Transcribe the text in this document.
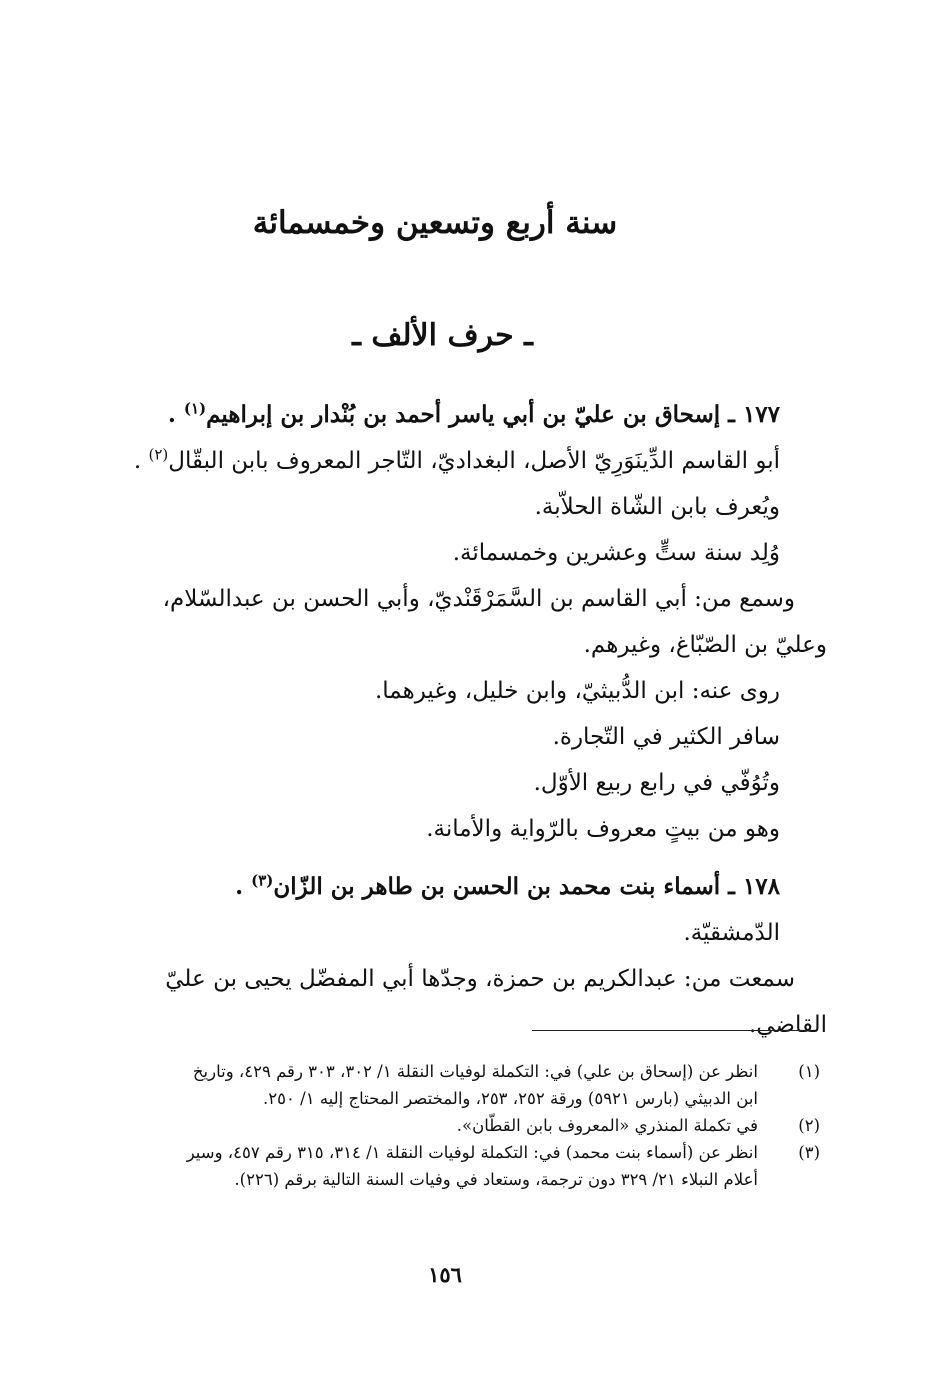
سنة أربع وتسعين وخمسمائة
ـ حرف الألف ـ
١٧٧ ـ إسحاق بن عليّ بن أبي ياسر أحمد بن بُنْدار بن إبراهيم$^{(١)}$ .
أبو القاسم الدِّينَوَرِيّ الأصل، البغداديّ، التّاجر المعروف بابن البقّال$^{(٢)}$ .
ويُعرف بابن الشّاة الحلاّبة.
وُلِد سنة ستٍّ وعشرين وخمسمائة.
وسمع من: أبي القاسم بن السَّمَرْقَنْديّ، وأبي الحسن بن عبدالسّلام،
وعليّ بن الصّبّاغ، وغيرهم.
روى عنه: ابن الدُّبيثيّ، وابن خليل، وغيرهما.
سافر الكثير في التّجارة.
وتُوُفّي في رابع ربيع الأوّل.
وهو من بيتٍ معروف بالرّواية والأمانة.
١٧٨ ـ أسماء بنت محمد بن الحسن بن طاهر بن الزّان$^{(٣)}$ .
الدّمشقيّة.
سمعت من: عبدالكريم بن حمزة، وجدّها أبي المفضّل يحيى بن عليّ
القاضي.
(١)
انظر عن (إسحاق بن علي) في: التكملة لوفيات النقلة ١/ ٣٠٢، ٣٠٣ رقم ٤٢٩، وتاريخ
ابن الدبيثي (بارس ٥٩٢١) ورقة ٢٥٢، ٢٥٣، والمختصر المحتاج إليه ١/ ٢٥٠.
(٢)
في تكملة المنذري «المعروف بابن القطّان».
(٣)
انظر عن (أسماء بنت محمد) في: التكملة لوفيات النقلة ١/ ٣١٤، ٣١٥ رقم ٤٥٧، وسير
أعلام النبلاء ٢١/ ٣٢٩ دون ترجمة، وستعاد في وفيات السنة التالية برقم (٢٢٦).
١٥٦
